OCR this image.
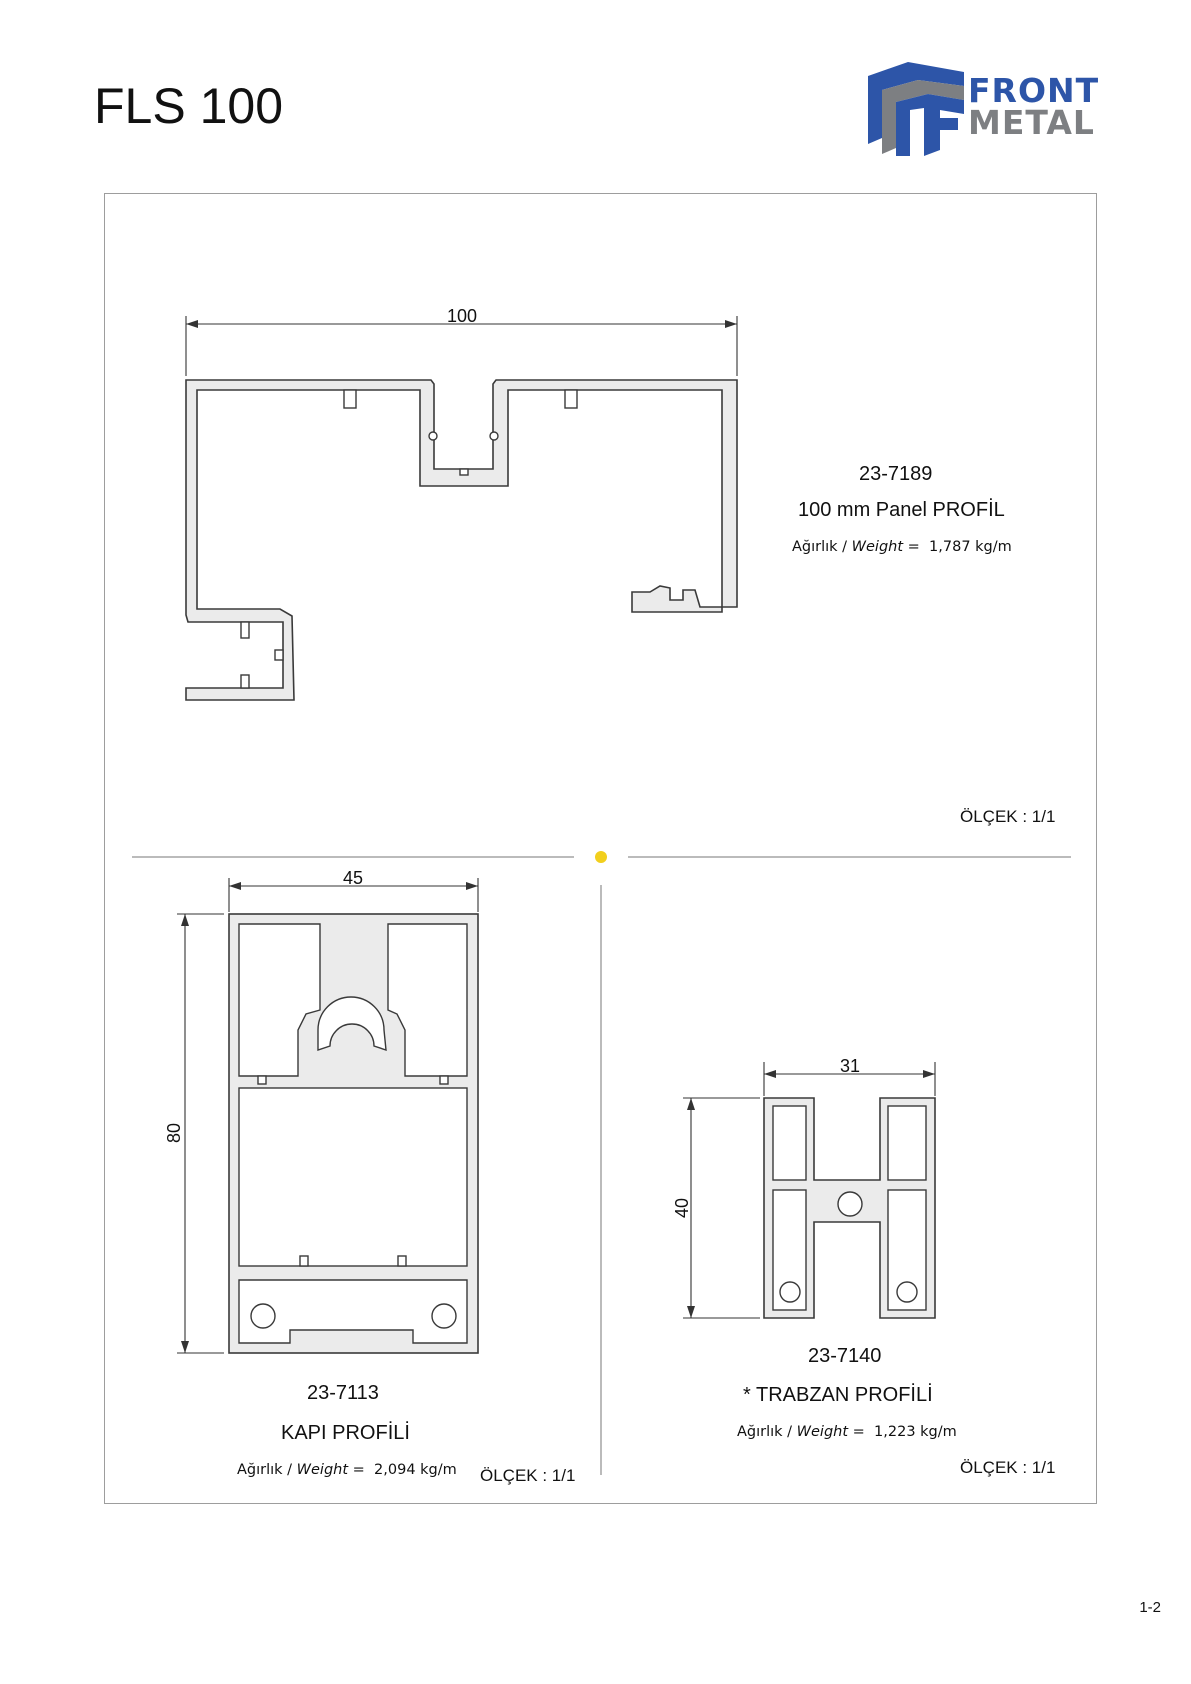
FLS 100	FRONT
METAL
100
45
80
31
40
23-7189
100 mm Panel PROFİL
Ağırlık / Weight = 1,787 kg/m
ÖLÇEK : 1/1
23-7113
KAPI PROFİLİ
Ağırlık / Weight = 2,094 kg/m ÖLÇEK : 1/1
23-7140
* TRABZAN PROFİLİ
Ağırlık / Weight = 1,223 kg/m
ÖLÇEK : 1/1
1-2
